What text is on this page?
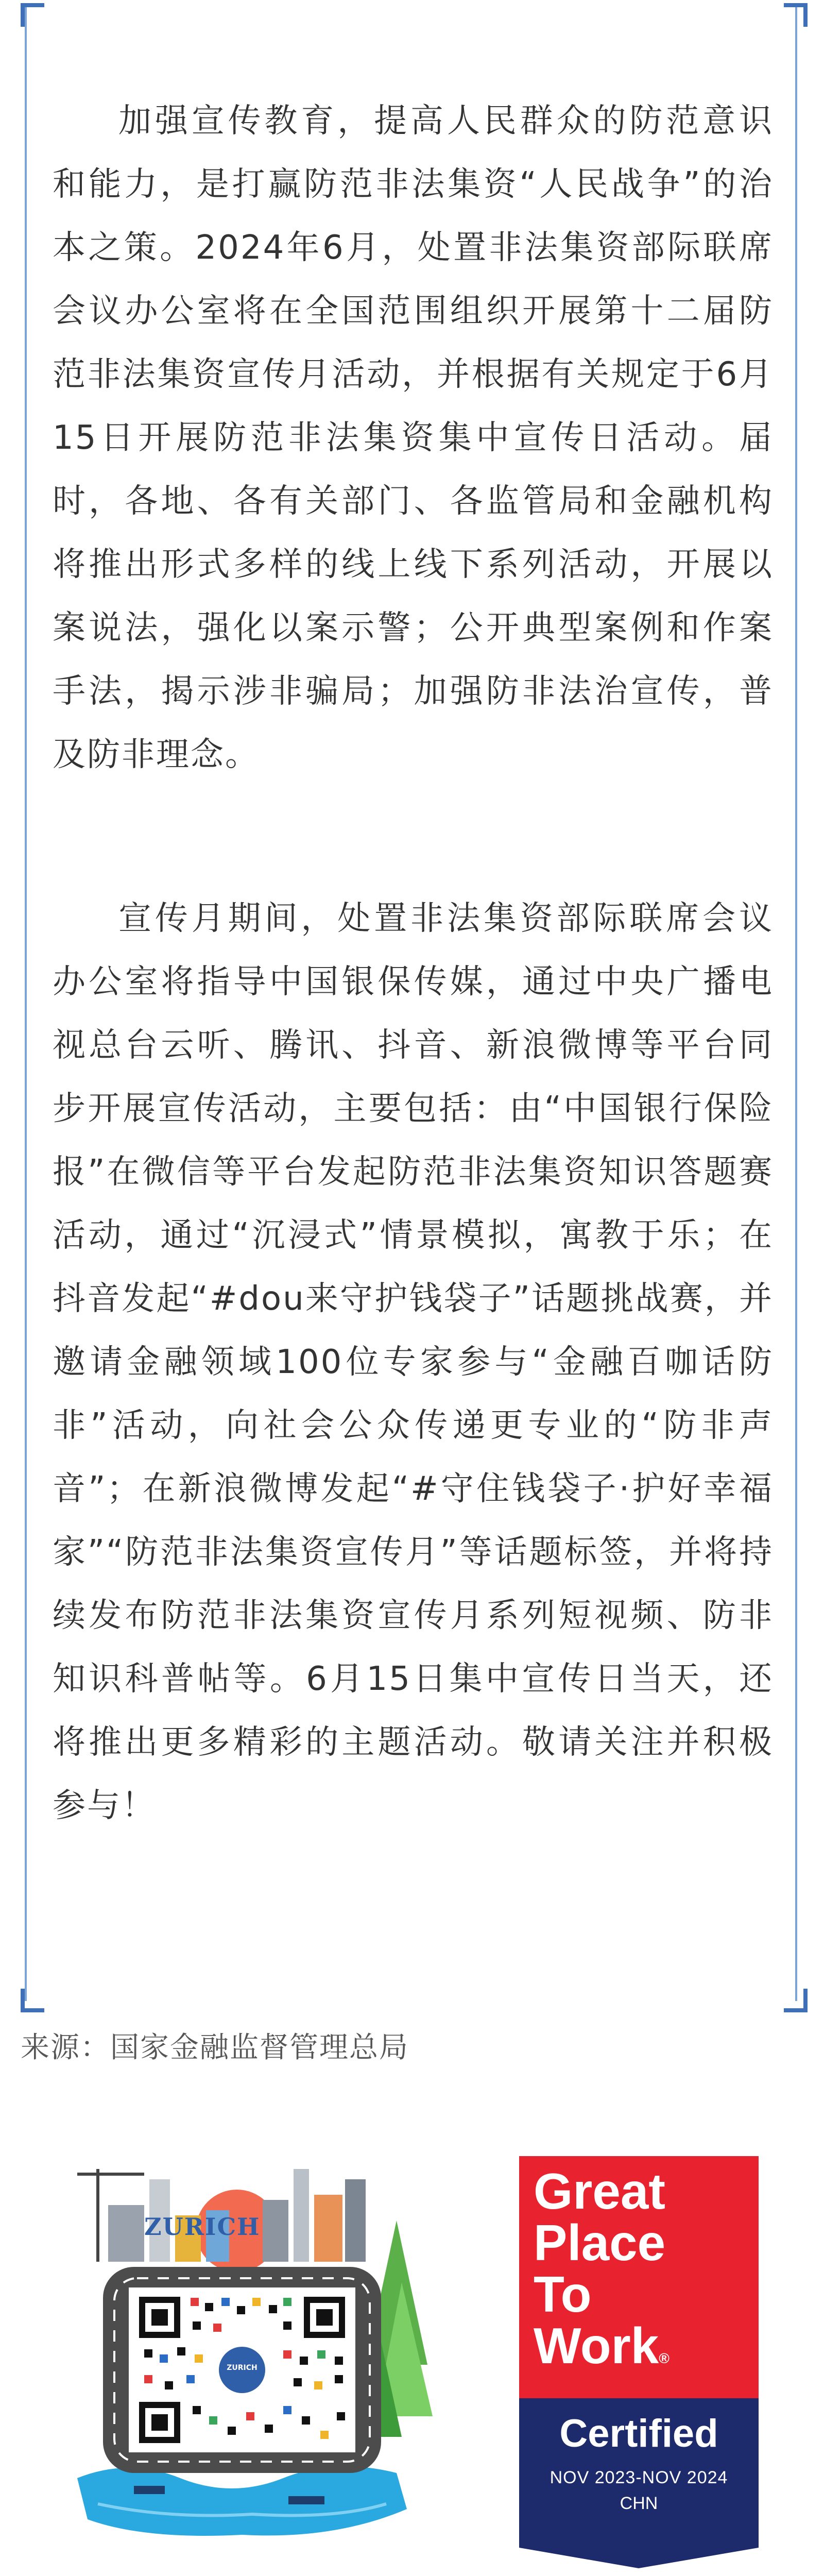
加强宣传教育，提高人民群众的防范意识和能力，是打赢防范非法集资“人民战争”的治本之策。2024年6月，处置非法集资部际联席会议办公室将在全国范围组织开展第十二届防范非法集资宣传月活动，并根据有关规定于6月15日开展防范非法集资集中宣传日活动。届时，各地、各有关部门、各监管局和金融机构将推出形式多样的线上线下系列活动，开展以案说法，强化以案示警；公开典型案例和作案手法，揭示涉非骗局；加强防非法治宣传，普及防非理念。

宣传月期间，处置非法集资部际联席会议办公室将指导中国银保传媒，通过中央广播电视总台云听、腾讯、抖音、新浪微博等平台同步开展宣传活动，主要包括：由“中国银行保险报”在微信等平台发起防范非法集资知识答题赛活动，通过“沉浸式”情景模拟，寓教于乐；在抖音发起“#dou来守护钱袋子”话题挑战赛，并邀请金融领域100位专家参与“金融百咖话防非”活动，向社会公众传递更专业的“防非声音”；在新浪微博发起“#守住钱袋子·护好幸福家”“防范非法集资宣传月”等话题标签，并将持续发布防范非法集资宣传月系列短视频、防非知识科普帖等。6月15日集中宣传日当天，还将推出更多精彩的主题活动。敬请关注并积极参与！

来源：国家金融监督管理总局

ZURICH
ZURICH
Great
Place
To
Work®
Certified
NOV 2023-NOV 2024
CHN
™
